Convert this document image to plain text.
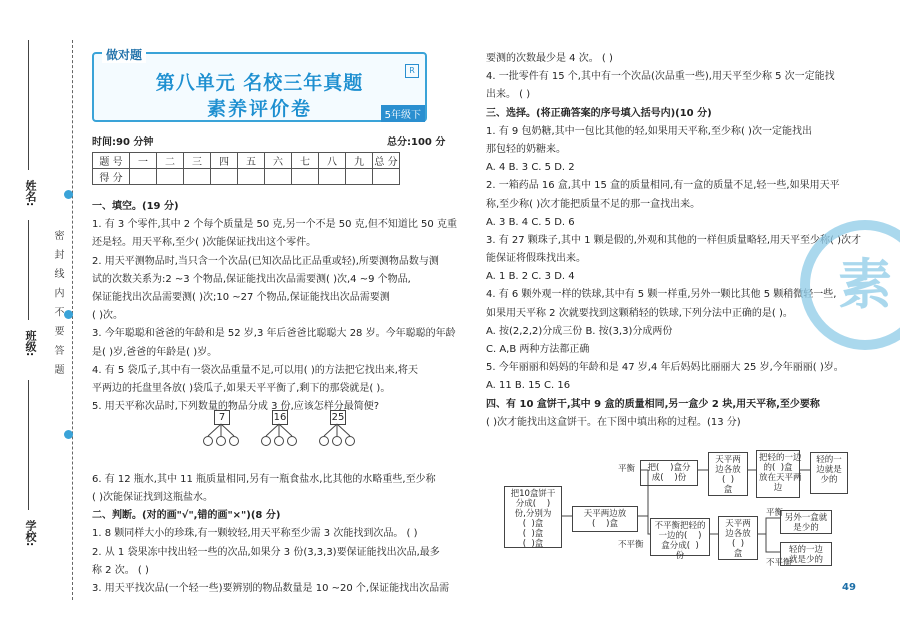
密 封 线 内 不 要 答 题
姓名:
班级:
学校:
做对题
R
第八单元 名校三年真题
素养评价卷	5年级下
时间:90 分钟	总分:100 分
题 号	一	二	三	四	五	六	七	八	九	总 分
得 分										
一、填空。(19 分)
1. 有 3 个零件,其中 2 个每个质量是 50 克,另一个不是 50 克,但不知道比 50 克重
还是轻。用天平称,至少( )次能保证找出这个零件。
2. 用天平测物品时,当只含一个次品(已知次品比正品重或轻),所要测物品数与测
试的次数关系为:2 ~3 个物品,保证能找出次品需要测( )次,4 ~9 个物品,
保证能找出次品需要测( )次;10 ~27 个物品,保证能找出次品需要测
( )次。
3. 今年聪聪和爸爸的年龄和是 52 岁,3 年后爸爸比聪聪大 28 岁。今年聪聪的年龄
是( )岁,爸爸的年龄是( )岁。
4. 有 5 袋瓜子,其中有一袋次品重量不足,可以用( )的方法把它找出来,将天
平两边的托盘里各放( )袋瓜子,如果天平平衡了,剩下的那袋就是( )。
5. 用天平称次品时,下列数量的物品分成 3 份,应该怎样分最简便?
6. 有 12 瓶水,其中 11 瓶质量相同,另有一瓶食盐水,比其他的水略重些,至少称
( )次能保证找到这瓶盐水。
二、判断。(对的画"√",错的画"×")(8 分)
1. 8 颗同样大小的珍珠,有一颗较轻,用天平称至少需 3 次能找到次品。 ( )
2. 从 1 袋果冻中找出轻一些的次品,如果分 3 份(3,3,3)要保证能找出次品,最多
称 2 次。 ( )
3. 用天平找次品(一个轻一些)要辨别的物品数量是 10 ~20 个,保证能找出次品需
7	16	25
要测的次数最少是 4 次。 ( )
4. 一批零件有 15 个,其中有一个次品(次品重一些),用天平至少称 5 次一定能找
出来。 ( )
三、选择。(将正确答案的序号填入括号内)(10 分)
1. 有 9 包奶糖,其中一包比其他的轻,如果用天平称,至少称( )次一定能找出
那包轻的奶糖来。
A. 4 B. 3 C. 5 D. 2
2. 一箱药品 16 盒,其中 15 盒的质量相同,有一盒的质量不足,轻一些,如果用天平
称,至少称( )次才能把质量不足的那一盒找出来。
A. 3 B. 4 C. 5 D. 6
3. 有 27 颗珠子,其中 1 颗是假的,外观和其他的一样但质量略轻,用天平至少称( )次才
能保证将假珠找出来。
A. 1 B. 2 C. 3 D. 4
4. 有 6 颗外观一样的铁球,其中有 5 颗一样重,另外一颗比其他 5 颗稍微轻一些,
如果用天平称 2 次就要找到这颗稍轻的铁球,下列分法中正确的是( )。
A. 按(2,2,2)分成三份 B. 按(3,3)分成两份
C. A,B 两种方法都正确
5. 今年丽丽和妈妈的年龄和是 47 岁,4 年后妈妈比丽丽大 25 岁,今年丽丽( )岁。
A. 11 B. 15 C. 16
四、有 10 盒饼干,其中 9 盒的质量相同,另一盒少 2 块,用天平称,至少要称
( )次才能找出这盒饼干。在下图中填出称的过程。(13 分)
素
把10盒饼干
分成(    )
份,分别为
(  )盒
(  )盒
(  )盒
天平两边放
(    )盒
平衡
不平衡
把(    )盒分
成(    )份
天平两
边各放
(  )
盒
把轻的一边
的(  )盒
放在天平两
边
轻的一
边就是
少的
不平衡把轻的
一边的(    )
盒分成(  )
份
天平两
边各放
(  )
盒
平衡
不平衡
另外一盒就
是少的
轻的一边
就是少的
49
